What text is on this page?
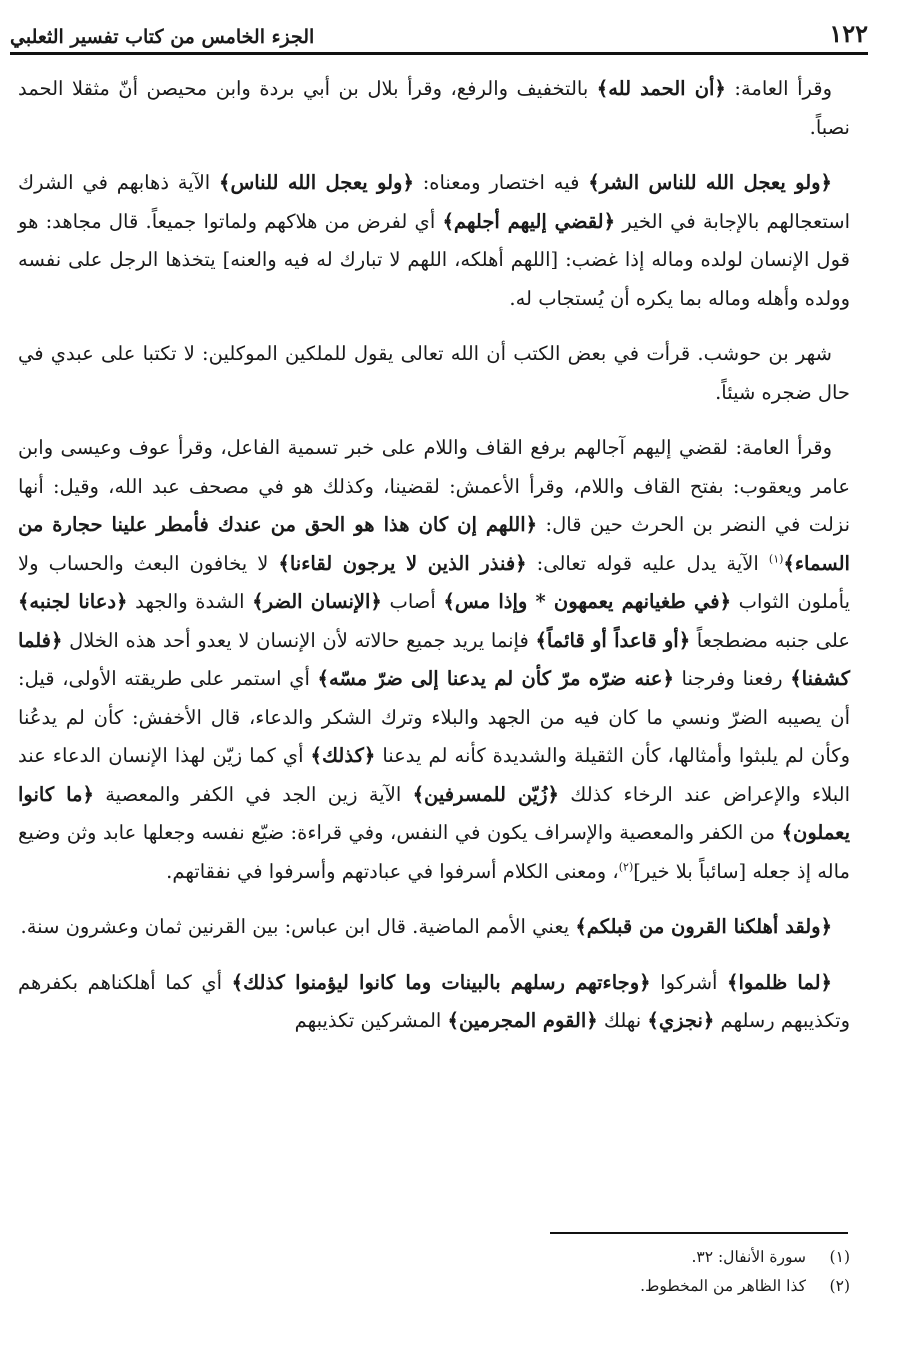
١٢٢
الجزء الخامس من كتاب تفسير الثعلبي

وقرأ العامة: ﴿أن الحمد لله﴾ بالتخفيف والرفع، وقرأ بلال بن أبي بردة وابن محيصن أنّ مثقلا الحمد نصباً.

﴿ولو يعجل الله للناس الشر﴾ فيه اختصار ومعناه: ﴿ولو يعجل الله للناس﴾ الآية ذهابهم في الشرك استعجالهم بالإجابة في الخير ﴿لقضي إليهم أجلهم﴾ أي لفرض من هلاكهم ولماتوا جميعاً. قال مجاهد: هو قول الإنسان لولده وماله إذا غضب: [اللهم أهلكه، اللهم لا تبارك له فيه والعنه] يتخذها الرجل على نفسه وولده وأهله وماله بما يكره أن يُستجاب له.

شهر بن حوشب. قرأت في بعض الكتب أن الله تعالى يقول للملكين الموكلين: لا تكتبا على عبدي في حال ضجره شيئاً.

وقرأ العامة: لقضي إليهم آجالهم برفع القاف واللام على خبر تسمية الفاعل، وقرأ عوف وعيسى وابن عامر ويعقوب: بفتح القاف واللام، وقرأ الأعمش: لقضينا، وكذلك هو في مصحف عبد الله، وقيل: أنها نزلت في النضر بن الحرث حين قال: ﴿اللهم إن كان هذا هو الحق من عندك فأمطر علينا حجارة من السماء﴾$^{(١)}$ الآية يدل عليه قوله تعالى: ﴿فنذر الذين لا يرجون لقاءنا﴾ لا يخافون البعث والحساب ولا يأملون الثواب ﴿في طغيانهم يعمهون * وإذا مس﴾ أصاب ﴿الإنسان الضر﴾ الشدة والجهد ﴿دعانا لجنبه﴾ على جنبه مضطجعاً ﴿أو قاعداً أو قائماً﴾ فإنما يريد جميع حالاته لأن الإنسان لا يعدو أحد هذه الخلال ﴿فلما كشفنا﴾ رفعنا وفرجنا ﴿عنه ضرّه مرّ كأن لم يدعنا إلى ضرّ مسّه﴾ أي استمر على طريقته الأولى، قيل: أن يصيبه الضرّ ونسي ما كان فيه من الجهد والبلاء وترك الشكر والدعاء، قال الأخفش: كأن لم يدعُنا وكأن لم يلبثوا وأمثالها، كأن الثقيلة والشديدة كأنه لم يدعنا ﴿كذلك﴾ أي كما زيّن لهذا الإنسان الدعاء عند البلاء والإعراض عند الرخاء كذلك ﴿زُيّن للمسرفين﴾ الآية زين الجد في الكفر والمعصية ﴿ما كانوا يعملون﴾ من الكفر والمعصية والإسراف يكون في النفس، وفي قراءة: ضيّع نفسه وجعلها عابد وثن وضيع ماله إذ جعله [سائباً بلا خير]$^{(٢)}$، ومعنى الكلام أسرفوا في عبادتهم وأسرفوا في نفقاتهم.

﴿ولقد أهلكنا القرون من قبلكم﴾ يعني الأمم الماضية. قال ابن عباس: بين القرنين ثمان وعشرون سنة.

﴿لما ظلموا﴾ أشركوا ﴿وجاءتهم رسلهم بالبينات وما كانوا ليؤمنوا كذلك﴾ أي كما أهلكناهم بكفرهم وتكذيبهم رسلهم ﴿نجزي﴾ نهلك ﴿القوم المجرمين﴾ المشركين تكذيبهم

(١)
سورة الأنفال: ٣٢.
(٢)
كذا الظاهر من المخطوط.
